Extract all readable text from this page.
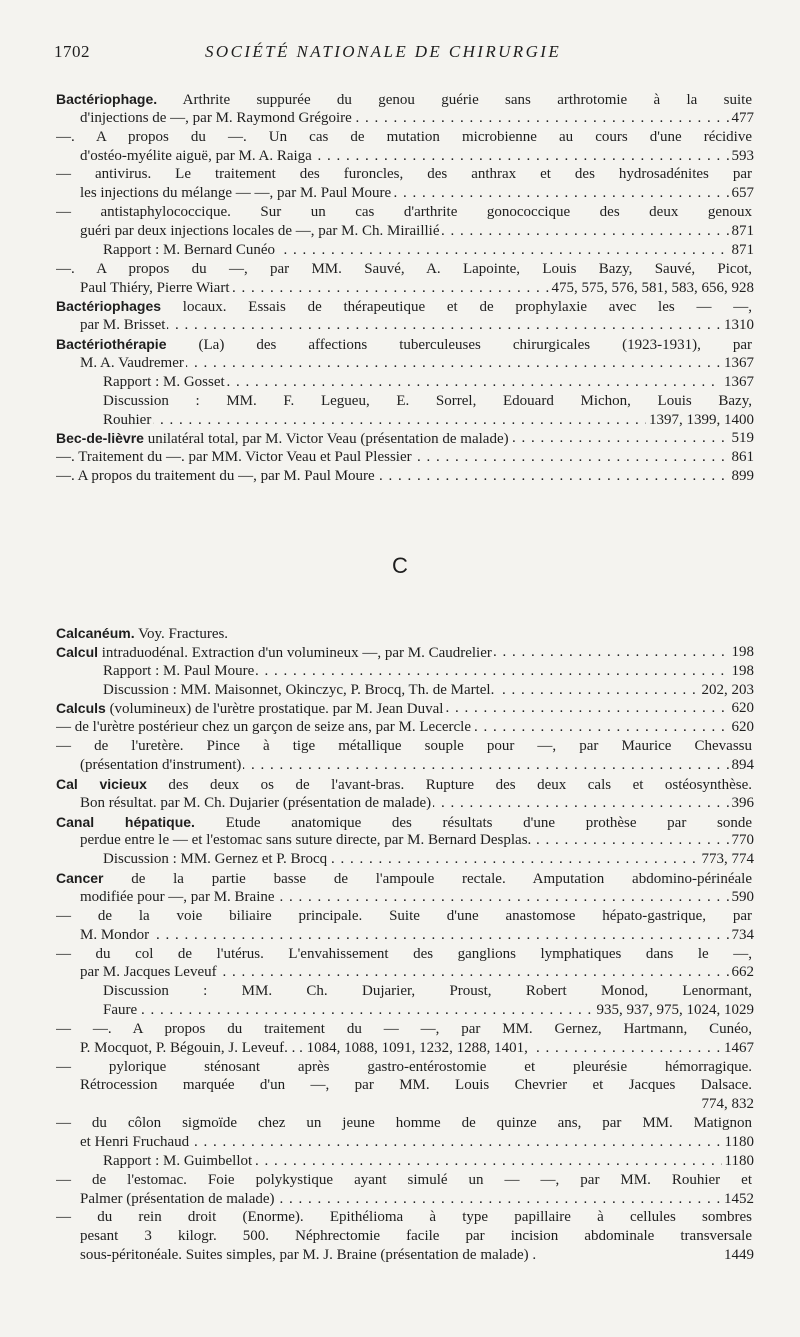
1702	SOCIÉTÉ NATIONALE DE CHIRURGIE
Bactériophage. Arthrite suppurée du genou guérie sans arthrotomie à la suite
. . . d'injections de —, par M. Raymond Grégoire	477
—. A propos du —. Un cas de mutation microbienne au cours d'une récidive
. . . d'ostéo-myélite aiguë, par M. A. Raiga	593
— antivirus. Le traitement des furoncles, des anthrax et des hydrosadénites par
. . . les injections du mélange — —, par M. Paul Moure	657
— antistaphylococcique. Sur un cas d'arthrite gonococcique des deux genoux
. . . guéri par deux injections locales de —, par M. Ch. Miraillié	871
. . . Rapport : M. Bernard Cunéo	871
—. A propos du —, par MM. Sauvé, A. Lapointe, Louis Bazy, Sauvé, Picot,
. . . Paul Thiéry, Pierre Wiart	475, 575, 576, 581, 583, 656, 928
Bactériophages locaux. Essais de thérapeutique et de prophylaxie avec les — —,
. . . par M. Brisset	1310
Bactériothérapie (La) des affections tuberculeuses chirurgicales (1923-1931), par
. . . M. A. Vaudremer	1367
. . . Rapport : M. Gosset	1367
Discussion : MM. F. Legueu, E. Sorrel, Edouard Michon, Louis Bazy,
. . . Rouhier	1397, 1399, 1400
. . . Bec-de-lièvre unilatéral total, par M. Victor Veau (présentation de malade)	519
. . . —. Traitement du —. par MM. Victor Veau et Paul Plessier	861
. . . —. A propos du traitement du —, par M. Paul Moure	899
C
Calcanéum. Voy. Fractures.
. . . Calcul intraduodénal. Extraction d'un volumineux —, par M. Caudrelier	198
. . . Rapport : M. Paul Moure	198
. . . Discussion : MM. Maisonnet, Okinczyc, P. Brocq, Th. de Martel.	202, 203
. . . Calculs (volumineux) de l'urètre prostatique. par M. Jean Duval	620
. . . — de l'urètre postérieur chez un garçon de seize ans, par M. Lecercle	620
— de l'uretère. Pince à tige métallique souple pour —, par Maurice Chevassu
. . . (présentation d'instrument)	894
Cal vicieux des deux os de l'avant-bras. Rupture des deux cals et ostéosynthèse.
. . . Bon résultat. par M. Ch. Dujarier (présentation de malade)	396
Canal hépatique. Etude anatomique des résultats d'une prothèse par sonde
. . . perdue entre le — et l'estomac sans suture directe, par M. Bernard Desplas.	770
. . . Discussion : MM. Gernez et P. Brocq	773, 774
Cancer de la partie basse de l'ampoule rectale. Amputation abdomino-périnéale
. . . modifiée pour —, par M. Braine	590
— de la voie biliaire principale. Suite d'une anastomose hépato-gastrique, par
. . . M. Mondor	734
— du col de l'utérus. L'envahissement des ganglions lymphatiques dans le —,
. . . par M. Jacques Leveuf	662
Discussion : MM. Ch. Dujarier, Proust, Robert Monod, Lenormant,
. . . Faure	935, 937, 975, 1024, 1029
— —. A propos du traitement du — —, par MM. Gernez, Hartmann, Cunéo,
. . . P. Mocquot, P. Bégouin, J. Leveuf. . . 1084, 1088, 1091, 1232, 1288, 1401,	1467
— pylorique sténosant après gastro-entérostomie et pleurésie hémorragique.
Rétrocession marquée d'un —, par MM. Louis Chevrier et Jacques Dalsace.
774, 832
— du côlon sigmoïde chez un jeune homme de quinze ans, par MM. Matignon
. . . et Henri Fruchaud	1180
. . . Rapport : M. Guimbellot	1180
— de l'estomac. Foie polykystique ayant simulé un — —, par MM. Rouhier et
. . . Palmer (présentation de malade)	1452
— du rein droit (Enorme). Epithélioma à type papillaire à cellules sombres
pesant 3 kilogr. 500. Néphrectomie facile par incision abdominale transversale
sous-péritonéale. Suites simples, par M. J. Braine (présentation de malade) .	1449
